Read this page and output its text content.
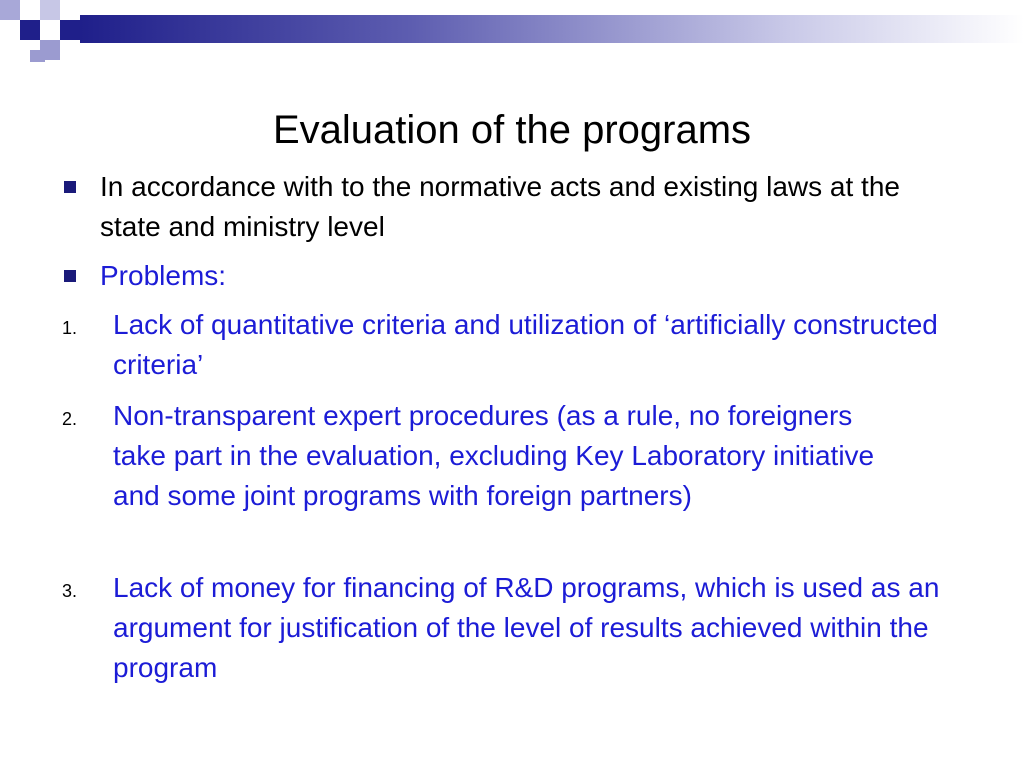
Evaluation of the programs
In accordance with to the normative acts and existing laws at the state and ministry level
Problems:
1. Lack of quantitative criteria and utilization of ‘artificially constructed criteria’
2. Non-transparent expert procedures (as a rule, no foreigners take part in the evaluation, excluding Key Laboratory initiative and some joint programs with foreign partners)
3. Lack of money for financing of R&D programs, which is used as an argument for justification of the level of results achieved within the program
